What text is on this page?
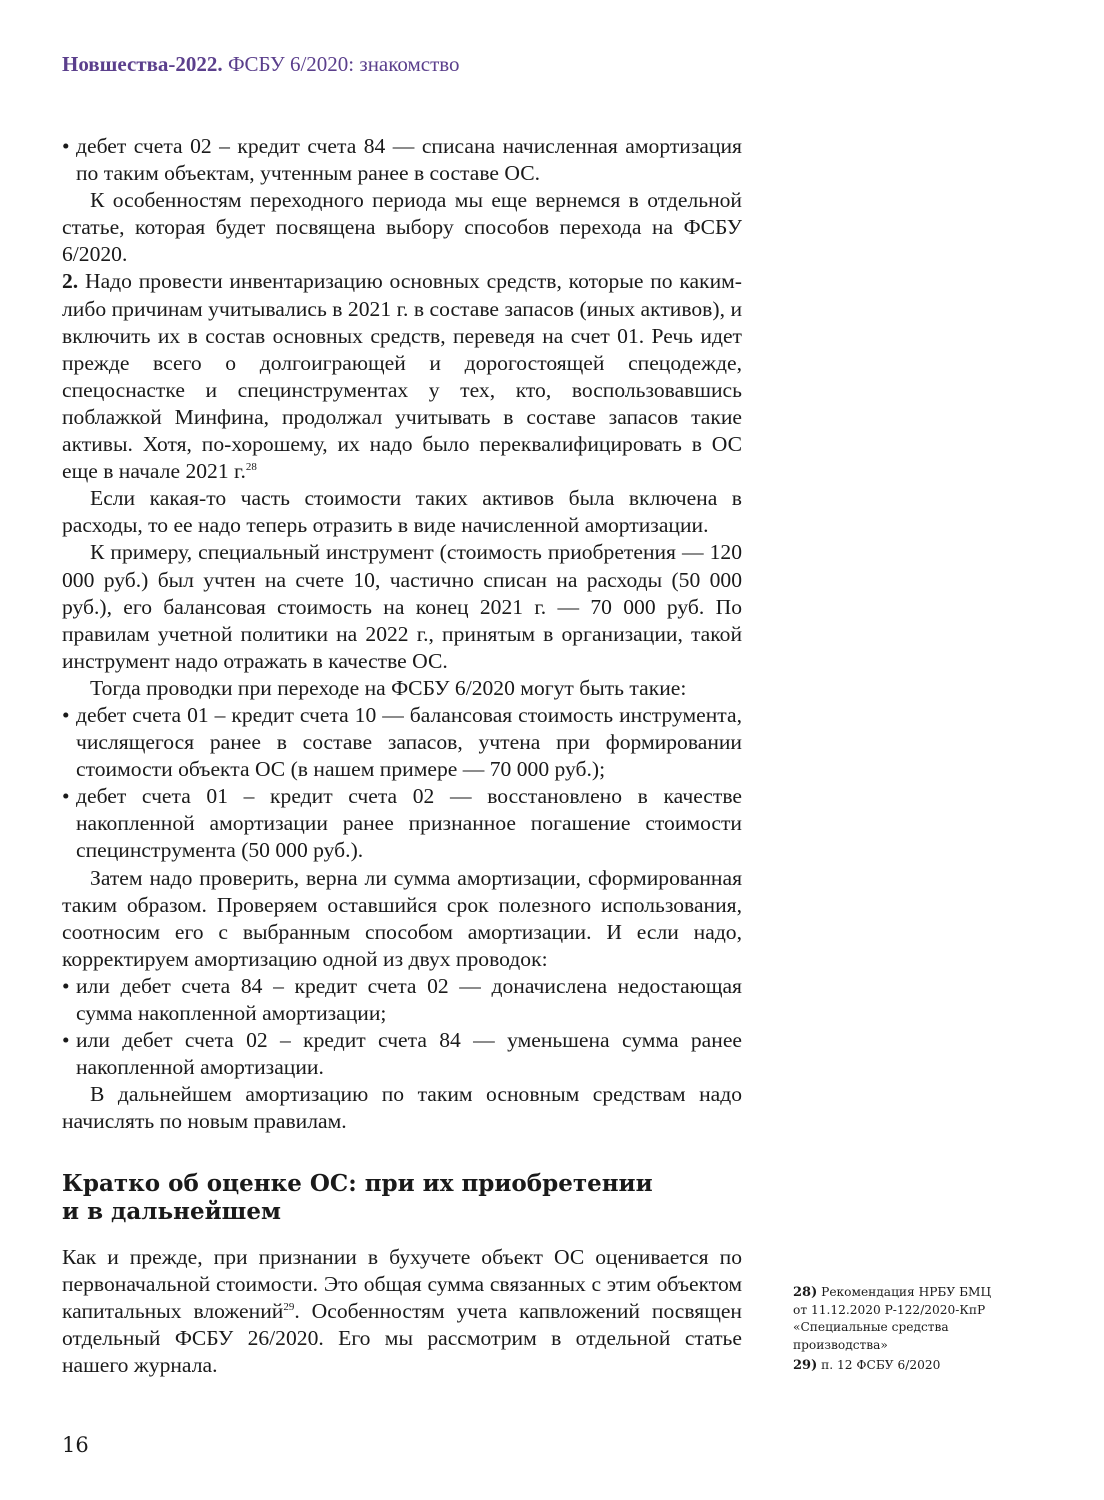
Новшества-2022. ФСБУ 6/2020: знакомство

• дебет счета 02 – кредит счета 84 — списана начисленная амортизация по таким объектам, учтенным ранее в составе ОС.

К особенностям переходного периода мы еще вернемся в отдельной статье, которая будет посвящена выбору способов перехода на ФСБУ 6/2020.

2. Надо провести инвентаризацию основных средств, которые по каким-либо причинам учитывались в 2021 г. в составе запасов (иных активов), и включить их в состав основных средств, переведя на счет 01. Речь идет прежде всего о долгоиграющей и дорогостоящей спецодежде, спецоснастке и специнструментах у тех, кто, воспользовавшись поблажкой Минфина, продолжал учитывать в составе запасов такие активы. Хотя, по-хорошему, их надо было переквалифицировать в ОС еще в начале 2021 г.$^{28}$

Если какая-то часть стоимости таких активов была включена в расходы, то ее надо теперь отразить в виде начисленной амортизации.

К примеру, специальный инструмент (стоимость приобретения — 120 000 руб.) был учтен на счете 10, частично списан на расходы (50 000 руб.), его балансовая стоимость на конец 2021 г. — 70 000 руб. По правилам учетной политики на 2022 г., принятым в организации, такой инструмент надо отражать в качестве ОС.

Тогда проводки при переходе на ФСБУ 6/2020 могут быть такие:

• дебет счета 01 – кредит счета 10 — балансовая стоимость инструмента, числящегося ранее в составе запасов, учтена при формировании стоимости объекта ОС (в нашем примере — 70 000 руб.);

• дебет счета 01 – кредит счета 02 — восстановлено в качестве накопленной амортизации ранее признанное погашение стоимости специнструмента (50 000 руб.).

Затем надо проверить, верна ли сумма амортизации, сформированная таким образом. Проверяем оставшийся срок полезного использования, соотносим его с выбранным способом амортизации. И если надо, корректируем амортизацию одной из двух проводок:

• или дебет счета 84 – кредит счета 02 — доначислена недостающая сумма накопленной амортизации;

• или дебет счета 02 – кредит счета 84 — уменьшена сумма ранее накопленной амортизации.

В дальнейшем амортизацию по таким основным средствам надо начислять по новым правилам.

Кратко об оценке ОС: при их приобретении
и в дальнейшем
Как и прежде, при признании в бухучете объект ОС оценивается по первоначальной стоимости. Это общая сумма связанных с этим объектом капитальных вложений$^{29}$. Особенностям учета капвложений посвящен отдельный ФСБУ 26/2020. Его мы рассмотрим в отдельной статье нашего журнала.

28) Рекомендация НРБУ БМЦ от 11.12.2020 Р-122/2020-КпР «Специальные средства производства»

29) п. 12 ФСБУ 6/2020

16
